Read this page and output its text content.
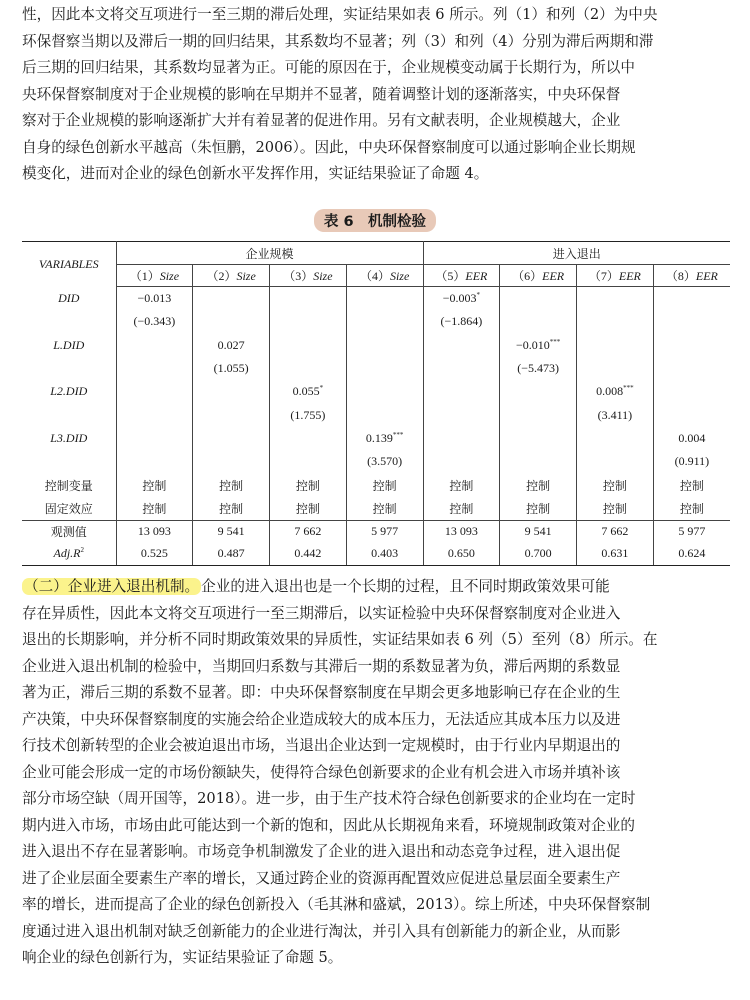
性，因此本文将交互项进行一至三期的滞后处理，实证结果如表 6 所示。列（1）和列（2）为中央
环保督察当期以及滞后一期的回归结果，其系数均不显著；列（3）和列（4）分别为滞后两期和滞
后三期的回归结果，其系数均显著为正。可能的原因在于，企业规模变动属于长期行为，所以中
央环保督察制度对于企业规模的影响在早期并不显著，随着调整计划的逐渐落实，中央环保督
察对于企业规模的影响逐渐扩大并有着显著的促进作用。另有文献表明，企业规模越大，企业
自身的绿色创新水平越高（朱恒鹏，2006）。因此，中央环保督察制度可以通过影响企业长期规
模变化，进而对企业的绿色创新水平发挥作用，实证结果验证了命题 4。
表 6　机制检验
VARIABLES	企业规模				进入退出			
	（1）Size	（2）Size	（3）Size	（4）Size	（5）EER	（6）EER	（7）EER	（8）EER
DID	−0.013				−0.003*			
	(−0.343)				(−1.864)			
L.DID		0.027				−0.010***		
		(1.055)				(−5.473)		
L2.DID			0.055*				0.008***	
			(1.755)				(3.411)	
L3.DID				0.139***				0.004
				(3.570)				(0.911)
控制变量	控制	控制	控制	控制	控制	控制	控制	控制
固定效应	控制	控制	控制	控制	控制	控制	控制	控制
观测值	13 093	9 541	7 662	5 977	13 093	9 541	7 662	5 977
$Adj.R^2$	0.525	0.487	0.442	0.403	0.650	0.700	0.631	0.624
（二）企业进入退出机制。 企业的进入退出也是一个长期的过程，且不同时期政策效果可能
存在异质性，因此本文将交互项进行一至三期滞后，以实证检验中央环保督察制度对企业进入
退出的长期影响，并分析不同时期政策效果的异质性，实证结果如表 6 列（5）至列（8）所示。在
企业进入退出机制的检验中，当期回归系数与其滞后一期的系数显著为负，滞后两期的系数显
著为正，滞后三期的系数不显著。即：中央环保督察制度在早期会更多地影响已存在企业的生
产决策，中央环保督察制度的实施会给企业造成较大的成本压力，无法适应其成本压力以及进
行技术创新转型的企业会被迫退出市场，当退出企业达到一定规模时，由于行业内早期退出的
企业可能会形成一定的市场份额缺失，使得符合绿色创新要求的企业有机会进入市场并填补该
部分市场空缺（周开国等，2018）。进一步，由于生产技术符合绿色创新要求的企业均在一定时
期内进入市场，市场由此可能达到一个新的饱和，因此从长期视角来看，环境规制政策对企业的
进入退出不存在显著影响。市场竞争机制激发了企业的进入退出和动态竞争过程，进入退出促
进了企业层面全要素生产率的增长，又通过跨企业的资源再配置效应促进总量层面全要素生产
率的增长，进而提高了企业的绿色创新投入（毛其淋和盛斌，2013）。综上所述，中央环保督察制
度通过进入退出机制对缺乏创新能力的企业进行淘汰，并引入具有创新能力的新企业，从而影
响企业的绿色创新行为，实证结果验证了命题 5。
